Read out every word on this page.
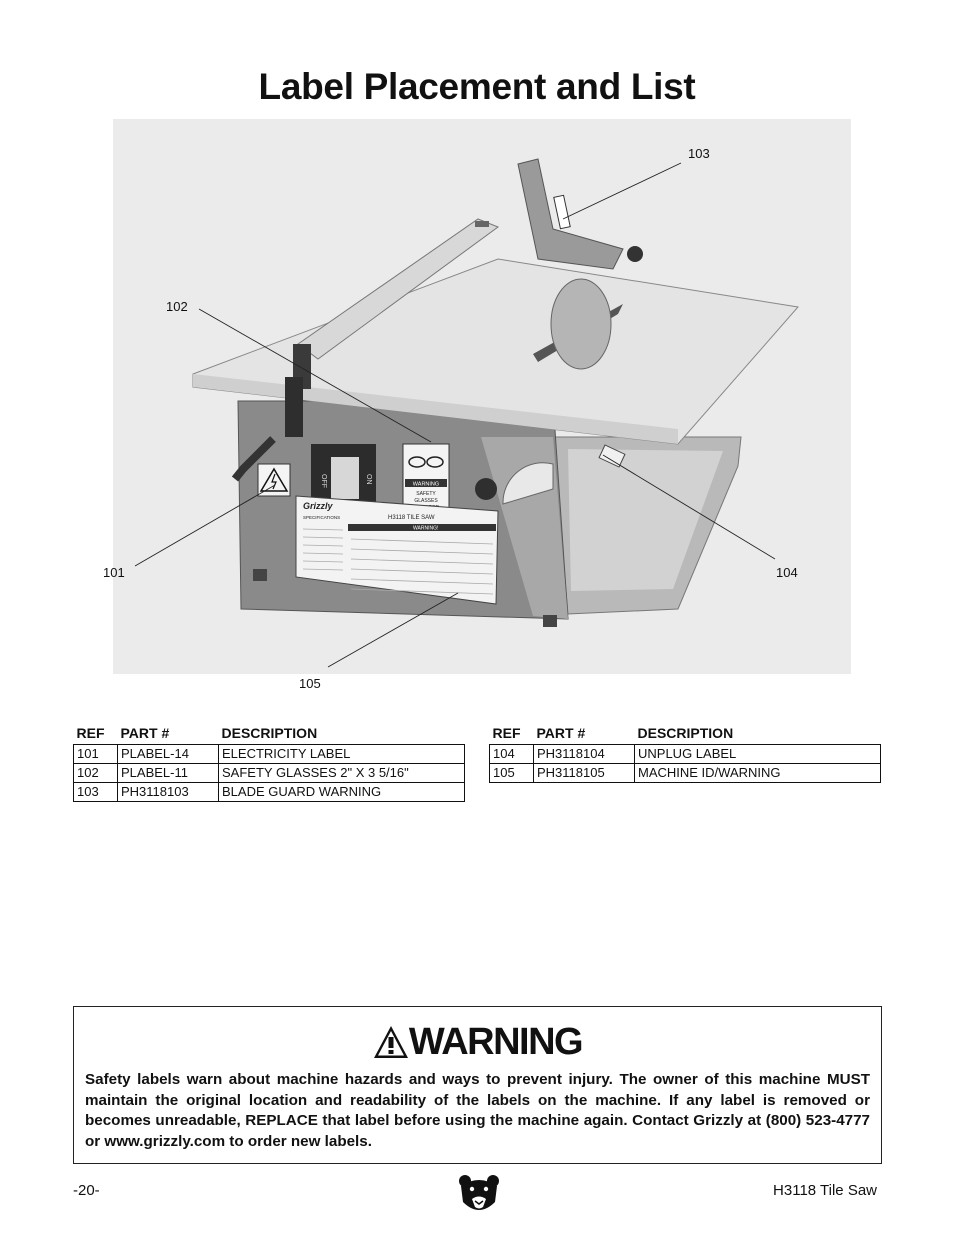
Label Placement and List
OFF	ON	WARNING
SAFETY
GLASSES
Grizzly
SPECIFICATIONS	H3118 TILE SAW
WARNING!
101
102
103
104
105
REF	PART #	DESCRIPTION
101	PLABEL-14	ELECTRICITY LABEL
102	PLABEL-11	SAFETY GLASSES 2" X 3 5/16"
103	PH3118103	BLADE GUARD WARNING
REF	PART #	DESCRIPTION
104	PH3118104	UNPLUG LABEL
105	PH3118105	MACHINE ID/WARNING
WARNING
Safety labels warn about machine hazards and ways to prevent injury. The owner of this machine MUST maintain the original location and readability of the labels on the machine. If any label is removed or becomes unreadable, REPLACE that label before using the machine again. Contact Grizzly at (800) 523-4777 or www.grizzly.com to order new labels.
-20-	H3118 Tile Saw
